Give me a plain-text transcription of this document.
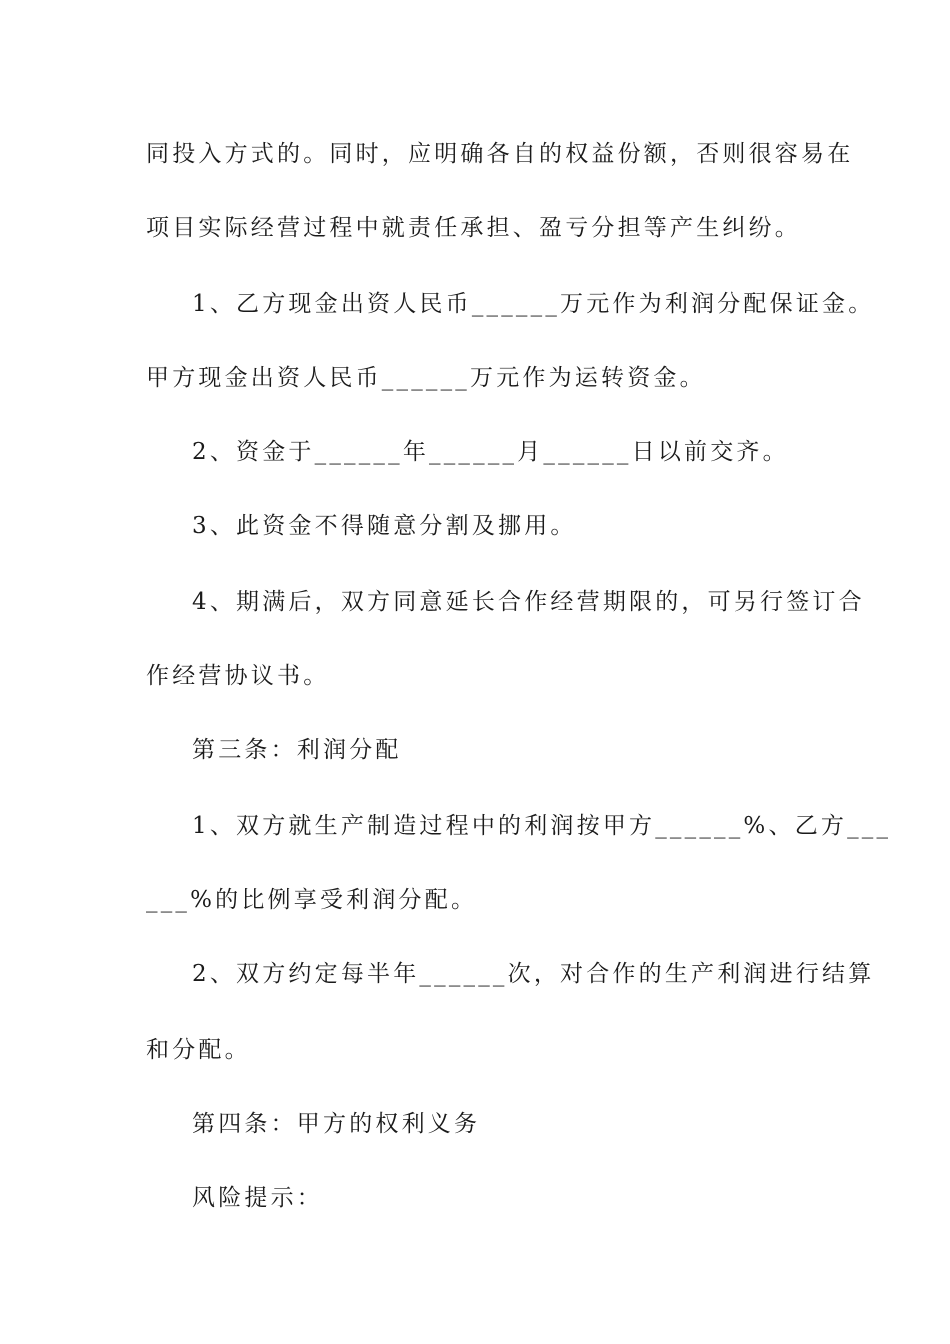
同投入方式的。同时，应明确各自的权益份额，否则很容易在
项目实际经营过程中就责任承担、盈亏分担等产生纠纷。
1、乙方现金出资人民币______万元作为利润分配保证金。
甲方现金出资人民币______万元作为运转资金。
2、资金于______年______月______日以前交齐。
3、此资金不得随意分割及挪用。
4、期满后，双方同意延长合作经营期限的，可另行签订合
作经营协议书。
第三条：利润分配
1、双方就生产制造过程中的利润按甲方______%、乙方___
___%的比例享受利润分配。
2、双方约定每半年______次，对合作的生产利润进行结算
和分配。
第四条：甲方的权利义务
风险提示：
